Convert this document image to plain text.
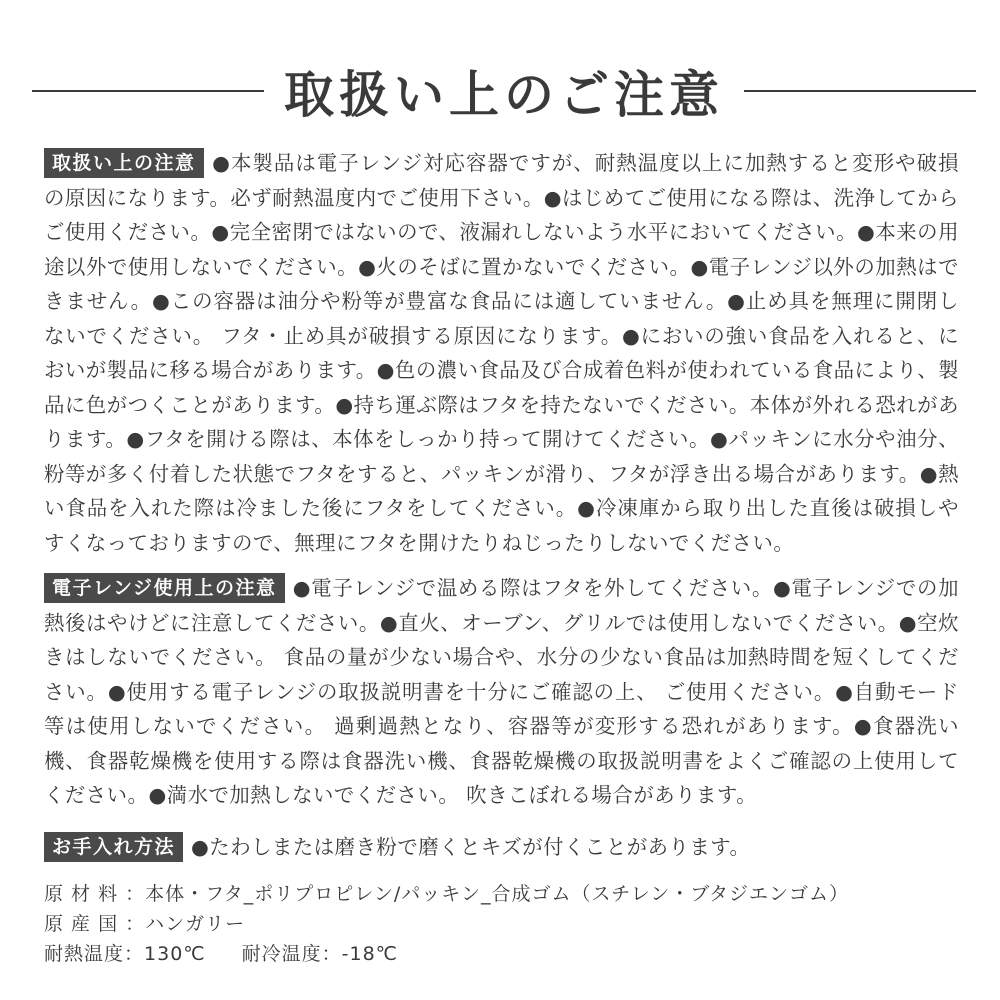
取扱い上のご注意
取扱い上の注意 ●本製品は電子レンジ対応容器ですが、耐熱温度以上に加熱すると変形や破損の原因になります。必ず耐熱温度内でご使用下さい。●はじめてご使用になる際は、洗浄してからご使用ください。●完全密閉ではないので、液漏れしないよう水平においてください。●本来の用途以外で使用しないでください。●火のそばに置かないでください。●電子レンジ以外の加熱はできません。●この容器は油分や粉等が豊富な食品には適していません。●止め具を無理に開閉しないでください。 フタ・止め具が破損する原因になります。●においの強い食品を入れると、においが製品に移る場合があります。●色の濃い食品及び合成着色料が使われている食品により、製品に色がつくことがあります。●持ち運ぶ際はフタを持たないでください。本体が外れる恐れがあります。●フタを開ける際は、本体をしっかり持って開けてください。●パッキンに水分や油分、粉等が多く付着した状態でフタをすると、パッキンが滑り、フタが浮き出る場合があります。●熱い食品を入れた際は冷ました後にフタをしてください。●冷凍庫から取り出した直後は破損しやすくなっておりますので、無理にフタを開けたりねじったりしないでください。
電子レンジ使用上の注意 ●電子レンジで温める際はフタを外してください。●電子レンジでの加熱後はやけどに注意してください。●直火、オーブン、グリルでは使用しないでください。●空炊きはしないでください。 食品の量が少ない場合や、水分の少ない食品は加熱時間を短くしてください。●使用する電子レンジの取扱説明書を十分にご確認の上、 ご使用ください。●自動モード等は使用しないでください。 過剰過熱となり、容器等が変形する恐れがあります。●食器洗い機、食器乾燥機を使用する際は食器洗い機、食器乾燥機の取扱説明書をよくご確認の上使用してください。●満水で加熱しないでください。 吹きこぼれる場合があります。
お手入れ方法 ●たわしまたは磨き粉で磨くとキズが付くことがあります。
原 材 料 ：本体・フタ_ポリプロピレン/パッキン_合成ゴム（スチレン・ブタジエンゴム）
原 産 国 ：ハンガリー
耐熱温度：130℃ 耐冷温度：-18℃
